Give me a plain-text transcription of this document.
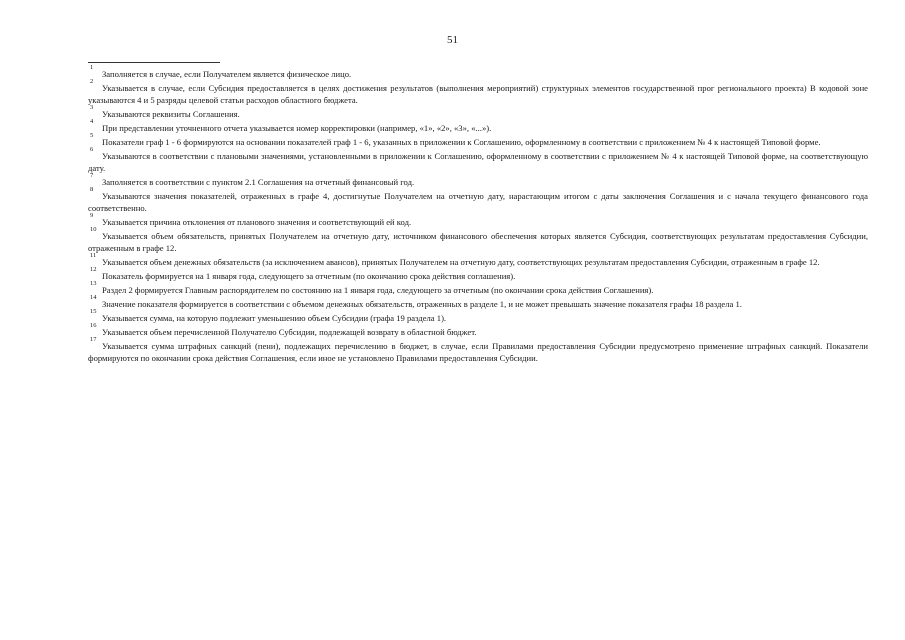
51

1
Заполняется в случае, если Получателем является физическое лицо.

2
Указывается в случае, если Субсидия предоставляется в целях достижения результатов (выполнения мероприятий) структурных элементов государственной прог регионального проекта) В кодовой зоне указываются 4 и 5 разряды целевой статьи расходов областного бюджета.

3
Указываются реквизиты Соглашения.

4
При представлении уточненного отчета указывается номер корректировки (например, «1», «2», «3», «...»).

5
Показатели граф 1 - 6 формируются на основании показателей граф 1 - 6, указанных в приложении к Соглашению, оформленному в соответствии с приложением № 4 к настоящей Типовой форме.

6
Указываются в соответствии с плановыми значениями, установленными в приложении к Соглашению, оформленному в соответствии с приложением № 4 к настоящей Типовой форме, на соответствующую дату.

7
Заполняется в соответствии с пунктом 2.1 Соглашения на отчетный финансовый год.

8
Указываются значения показателей, отраженных в графе 4, достигнутые Получателем на отчетную дату, нарастающим итогом с даты заключения Соглашения и с начала текущего финансового года соответственно.

9
Указывается причина отклонения от планового значения и соответствующий ей код.

10
Указывается объем обязательств, принятых Получателем на отчетную дату, источником финансового обеспечения которых является Субсидия, соответствующих результатам предоставления Субсидии, отраженным в графе 12.

11
Указывается объем денежных обязательств (за исключением авансов), принятых Получателем на отчетную дату, соответствующих результатам предоставления Субсидии, отраженным в графе 12.

12
Показатель формируется на 1 января года, следующего за отчетным (по окончанию срока действия соглашения).

13
Раздел 2 формируется Главным распорядителем по состоянию на 1 января года, следующего за отчетным (по окончании срока действия Соглашения).

14
Значение показателя формируется в соответствии с объемом денежных обязательств, отраженных в разделе 1, и не может превышать значение показателя графы 18 раздела 1.

15
Указывается сумма, на которую подлежит уменьшению объем Субсидии (графа 19 раздела 1).

16
Указывается объем перечисленной Получателю Субсидии, подлежащей возврату в областной бюджет.

17
Указывается сумма штрафных санкций (пени), подлежащих перечислению в бюджет, в случае, если Правилами предоставления Субсидии предусмотрено применение штрафных санкций. Показатели формируются по окончании срока действия Соглашения, если иное не установлено Правилами предоставления Субсидии.
